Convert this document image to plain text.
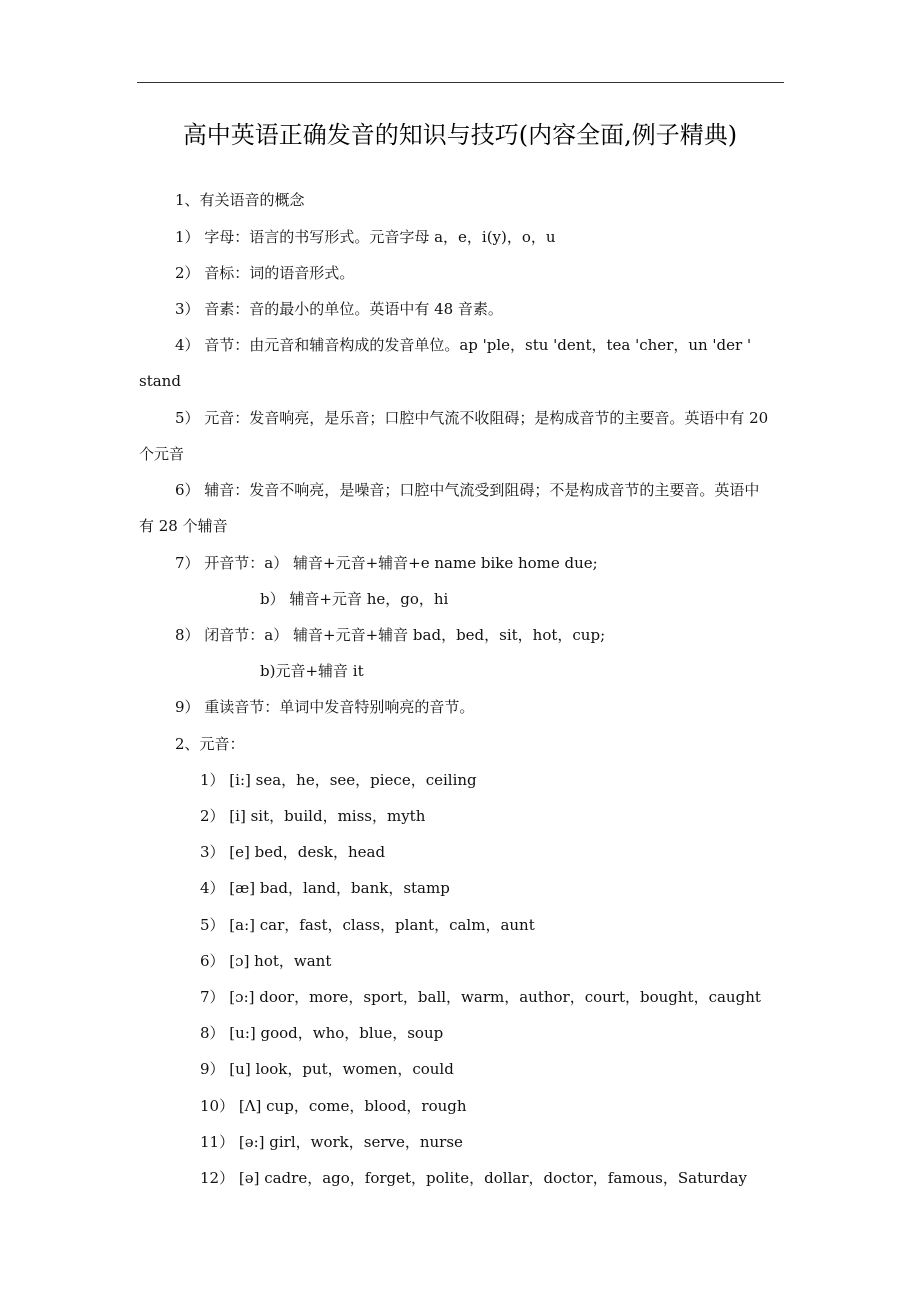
高中英语正确发音的知识与技巧(内容全面,例子精典)
1、有关语音的概念
1） 字母：语言的书写形式。元音字母 a，e，i(y)，o，u
2） 音标：词的语音形式。
3） 音素：音的最小的单位。英语中有 48 音素。
4） 音节：由元音和辅音构成的发音单位。ap 'ple，stu 'dent，tea 'cher，un 'der '
stand
5） 元音：发音响亮，是乐音；口腔中气流不收阻碍；是构成音节的主要音。英语中有 20
个元音
6） 辅音：发音不响亮，是噪音；口腔中气流受到阻碍；不是构成音节的主要音。英语中
有 28 个辅音
7） 开音节：a） 辅音+元音+辅音+e name bike home due;
b） 辅音+元音 he，go，hi
8） 闭音节：a） 辅音+元音+辅音 bad，bed，sit，hot，cup;
b)元音+辅音 it
9） 重读音节：单词中发音特别响亮的音节。
2、元音：
1） [i:] sea，he，see，piece，ceiling
2） [i] sit，build，miss，myth
3） [e] bed，desk，head
4） [æ] bad，land，bank，stamp
5） [a:] car，fast，class，plant，calm，aunt
6） [ɔ] hot，want
7） [ɔ:] door，more，sport，ball，warm，author，court，bought，caught
8） [u:] good，who，blue，soup
9） [u] look，put，women，could
10） [Λ] cup，come，blood，rough
11） [ə:] girl，work，serve，nurse
12） [ə] cadre，ago，forget，polite，dollar，doctor，famous，Saturday
